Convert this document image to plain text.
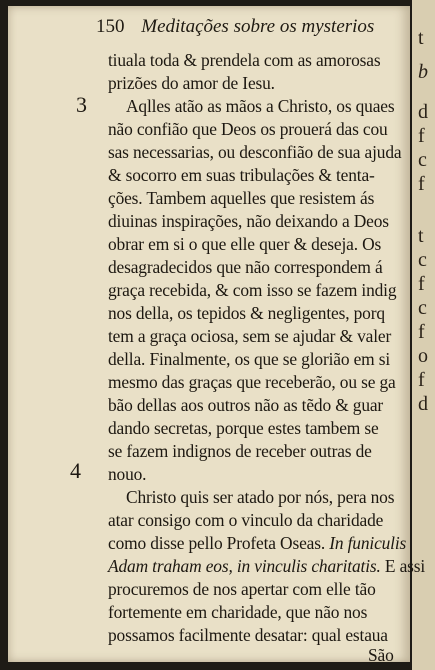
t
b
d
f
c
f
t
c
f
c
f
o
f
d
150 Meditações sobre os mysterios
tiuala toda & prendela com as amorosas
prizões do amor de Iesu.
3 Aqlles atão as mãos a Christo, os quaes
não confião que Deos os prouerá das cou
sas necessarias, ou desconfião de sua ajuda
& socorro em suas tribulações & tenta-
ções. Tambem aquelles que resistem ás
diuinas inspirações, não deixando a Deos
obrar em si o que elle quer & deseja. Os
desagradecidos que não correspondem á
graça recebida, & com isso se fazem indig
nos della, os tepidos & negligentes, porq
tem a graça ociosa, sem se ajudar & valer
della. Finalmente, os que se glorião em si
mesmo das graças que receberão, ou se ga
bão dellas aos outros não as tẽdo & guar
dando secretas, porque estes tambem se
se fazem indignos de receber outras de
nouo.
4
Christo quis ser atado por nós, pera nos
atar consigo com o vinculo da charidade
como disse pello Profeta Oseas. In funiculis
Adam traham eos, in vinculis charitatis. E assi
procuremos de nos apertar com elle tão
fortemente em charidade, que não nos
possamos facilmente desatar: qual estaua
São
